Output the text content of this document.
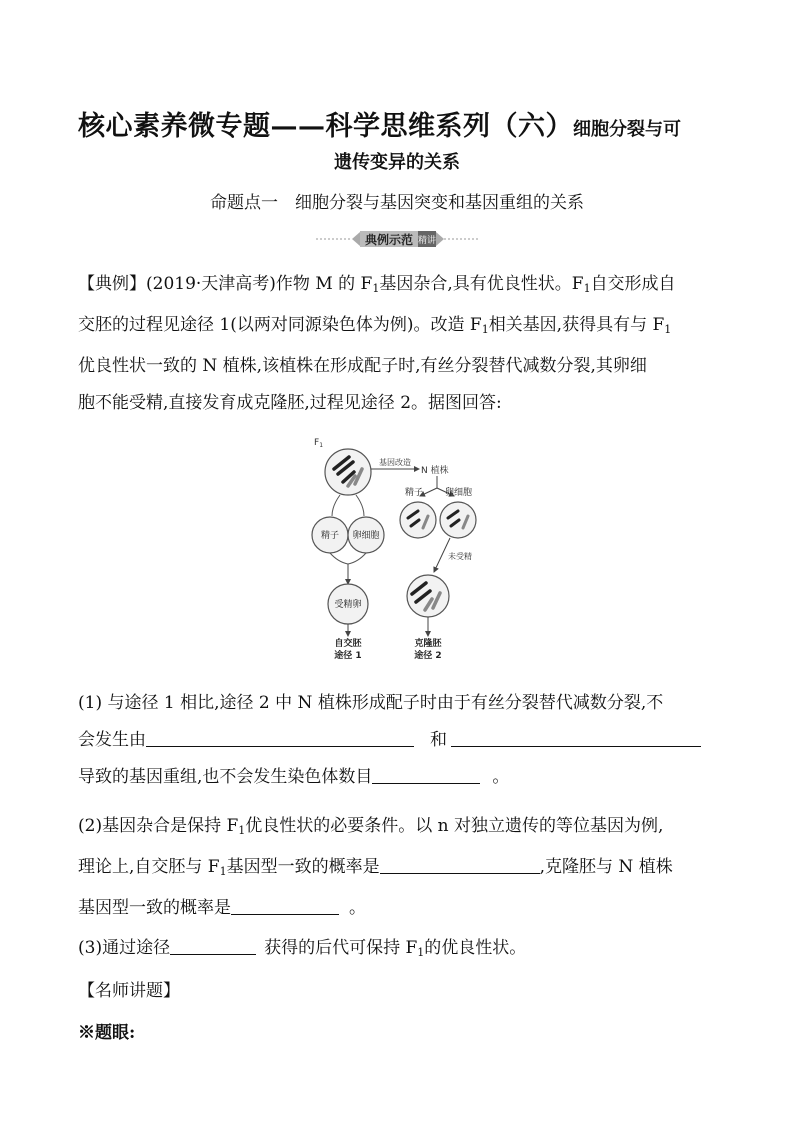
核心素养微专题——科学思维系列（六）细胞分裂与可
遗传变异的关系
命题点一　细胞分裂与基因突变和基因重组的关系
典例示范 精讲
【典例】(2019·天津高考)作物 M 的 $F_1$基因杂合,具有优良性状。$F_1$自交形成自
交胚的过程见途径 1(以两对同源染色体为例)。改造 $F_1$相关基因,获得具有与 $F_1$
优良性状一致的 N 植株,该植株在形成配子时,有丝分裂替代减数分裂,其卵细
胞不能受精,直接发育成克隆胚,过程见途径 2。据图回答:
$F_1$
基因改造
N 植株
精子 卵细胞
受精卵
自交胚
途径 1
精子 卵细胞
未受精
克隆胚
途径 2
(1) 与途径 1 相比,途径 2 中 N 植株形成配子时由于有丝分裂替代减数分裂,不
会发生由	和
导致的基因重组,也不会发生染色体数目	。
(2)基因杂合是保持 $F_1$优良性状的必要条件。以 n 对独立遗传的等位基因为例,
理论上,自交胚与 $F_1$基因型一致的概率是	,克隆胚与 N 植株
基因型一致的概率是	。
(3)通过途径	获得的后代可保持 $F_1$的优良性状。
【名师讲题】
※题眼:
